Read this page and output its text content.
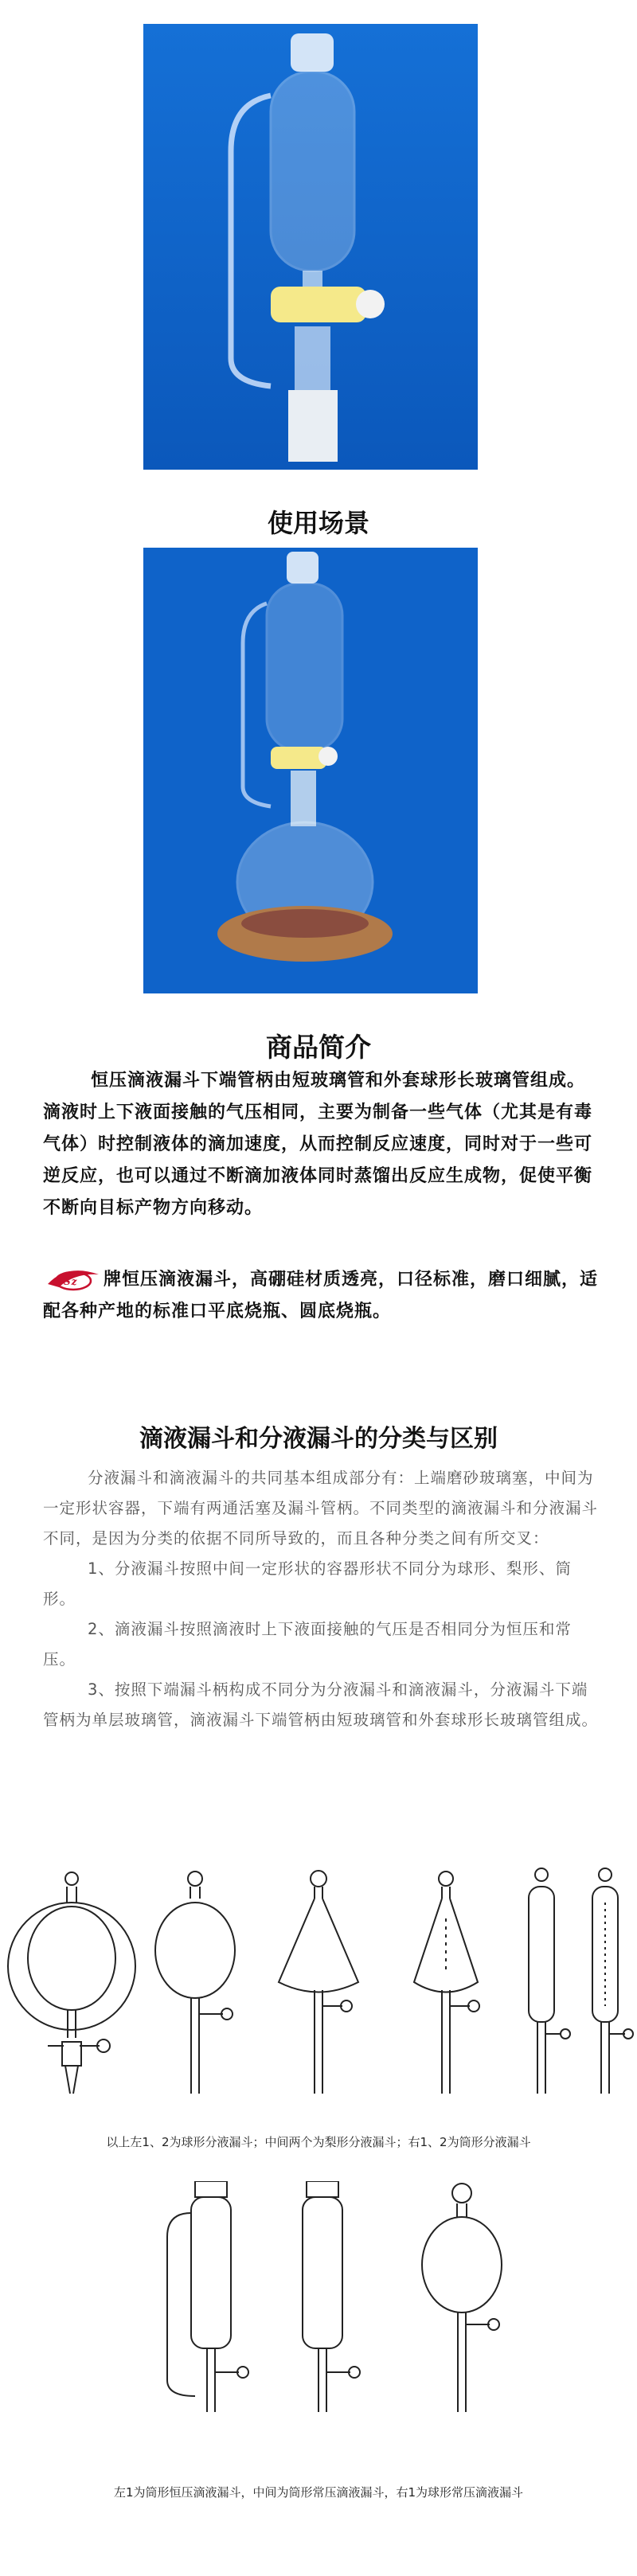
使用场景
商品简介
恒压滴液漏斗下端管柄由短玻璃管和外套球形长玻璃管组成。滴液时上下液面接触的气压相同，主要为制备一些气体（尤其是有毒气体）时控制液体的滴加速度，从而控制反应速度，同时对于一些可逆反应，也可以通过不断滴加液体同时蒸馏出反应生成物，促使平衡不断向目标产物方向移动。
Sz 牌恒压滴液漏斗，高硼硅材质透亮，口径标准，磨口细腻，适配各种产地的标准口平底烧瓶、圆底烧瓶。
滴液漏斗和分液漏斗的分类与区别

分液漏斗和滴液漏斗的共同基本组成部分有：上端磨砂玻璃塞，中间为一定形状容器，下端有两通活塞及漏斗管柄。不同类型的滴液漏斗和分液漏斗不同，是因为分类的依据不同所导致的，而且各种分类之间有所交叉：

1、分液漏斗按照中间一定形状的容器形状不同分为球形、梨形、筒形。

2、滴液漏斗按照滴液时上下液面接触的气压是否相同分为恒压和常压。

3、按照下端漏斗柄构成不同分为分液漏斗和滴液漏斗，分液漏斗下端管柄为单层玻璃管，滴液漏斗下端管柄由短玻璃管和外套球形长玻璃管组成。

以上左1、2为球形分液漏斗；中间两个为梨形分液漏斗；右1、2为筒形分液漏斗
左1为筒形恒压滴液漏斗，中间为筒形常压滴液漏斗，右1为球形常压滴液漏斗
